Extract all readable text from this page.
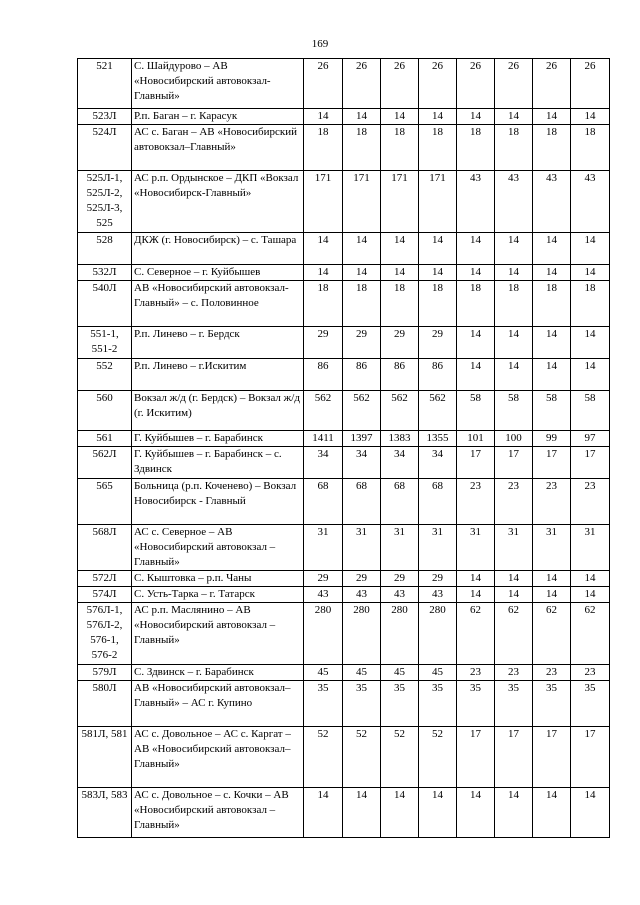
169
521	С. Шайдурово – АВ «Новосибирский автовокзал-Главный»	26	26	26	26	26	26	26	26
523Л	Р.п. Баган – г. Карасук	14	14	14	14	14	14	14	14
524Л	АС с. Баган – АВ «Новосибирский автовокзал–Главный»	18	18	18	18	18	18	18	18
525Л-1, 525Л-2, 525Л-3, 525	АС р.п. Ордынское – ДКП «Вокзал «Новосибирск-Главный»	171	171	171	171	43	43	43	43
528	ДКЖ (г. Новосибирск) – с. Ташара	14	14	14	14	14	14	14	14
532Л	С. Северное – г. Куйбышев	14	14	14	14	14	14	14	14
540Л	АВ «Новосибирский автовокзал-Главный» – с. Половинное	18	18	18	18	18	18	18	18
551-1, 551-2	Р.п. Линево – г. Бердск	29	29	29	29	14	14	14	14
552	Р.п. Линево – г.Искитим	86	86	86	86	14	14	14	14
560	Вокзал ж/д (г. Бердск) – Вокзал ж/д (г. Искитим)	562	562	562	562	58	58	58	58
561	Г. Куйбышев – г. Барабинск	1411	1397	1383	1355	101	100	99	97
562Л	Г. Куйбышев – г. Барабинск – с. Здвинск	34	34	34	34	17	17	17	17
565	Больница (р.п. Коченево) – Вокзал Новосибирск - Главный	68	68	68	68	23	23	23	23
568Л	АС с. Северное – АВ «Новосибирский автовокзал – Главный»	31	31	31	31	31	31	31	31
572Л	С. Кыштовка – р.п. Чаны	29	29	29	29	14	14	14	14
574Л	С. Усть-Тарка – г. Татарск	43	43	43	43	14	14	14	14
576Л-1, 576Л-2, 576-1, 576-2	АС р.п. Маслянино – АВ «Новосибирский автовокзал – Главный»	280	280	280	280	62	62	62	62
579Л	С. Здвинск – г. Барабинск	45	45	45	45	23	23	23	23
580Л	АВ «Новосибирский автовокзал–Главный» – АС г. Купино	35	35	35	35	35	35	35	35
581Л, 581	АС с. Довольное – АС с. Каргат – АВ «Новосибирский автовокзал– Главный»	52	52	52	52	17	17	17	17
583Л, 583	АС с. Довольное – с. Кочки – АВ «Новосибирский автовокзал – Главный»	14	14	14	14	14	14	14	14
